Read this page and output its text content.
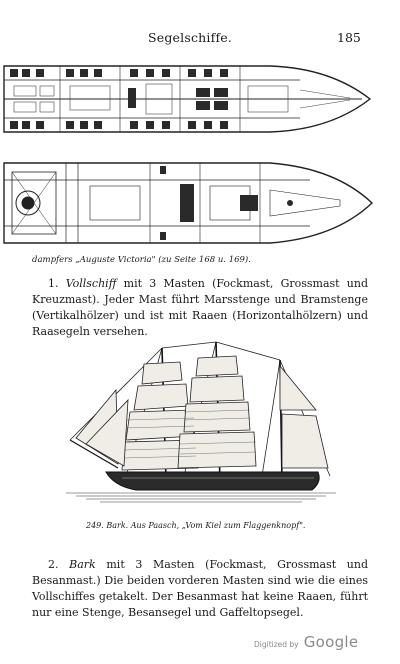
Segelschiffe.	185
dampfers „Auguste Victoria" (zu Seite 168 u. 169).

1. Vollschiff mit 3 Masten (Fockmast, Grossmast und Kreuzmast). Jeder Mast führt Marsstenge und Bramstenge (Vertikalhölzer) und ist mit Raaen (Horizontalhölzern) und Raasegeln versehen.

249. Bark. Aus Paasch, „Vom Kiel zum Flaggenknopf".

2. Bark mit 3 Masten (Fockmast, Grossmast und Besanmast.) Die beiden vorderen Masten sind wie die eines Vollschiffes getakelt. Der Besanmast hat keine Raaen, führt nur eine Stenge, Besansegel und Gaffeltopsegel.

Digitized by Google
